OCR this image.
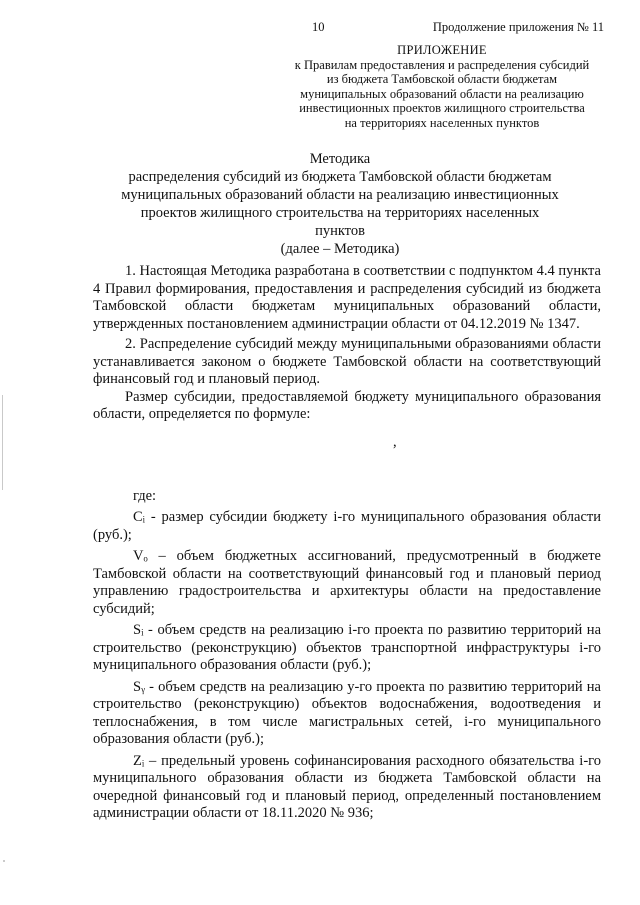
10	Продолжение приложения № 11
ПРИЛОЖЕНИЕ
к Правилам предоставления и распределения субсидий
из бюджета Тамбовской области бюджетам
муниципальных образований области на реализацию
инвестиционных проектов жилищного строительства
на территориях населенных пунктов
Методика
распределения субсидий из бюджета Тамбовской области бюджетам
муниципальных образований области на реализацию инвестиционных
проектов жилищного строительства на территориях населенных
пунктов
(далее – Методика)

1. Настоящая Методика разработана в соответствии с подпунктом 4.4 пункта 4 Правил формирования, предоставления и распределения субсидий из бюджета Тамбовской области бюджетам муниципальных образований области, утвержденных постановлением администрации области от 04.12.2019 № 1347.

2. Распределение субсидий между муниципальными образованиями области устанавливается законом о бюджете Тамбовской области на соответствующий финансовый год и плановый период.

Размер субсидии, предоставляемой бюджету муниципального образования области, определяется по формуле:

,

где:

Cᵢ - размер субсидии бюджету i-го муниципального образования области (руб.);

Vₒ – объем бюджетных ассигнований, предусмотренный в бюджете Тамбовской области на соответствующий финансовый год и плановый период управлению градостроительства и архитектуры области на предоставление субсидий;

Sᵢ - объем средств на реализацию i-го проекта по развитию территорий на строительство (реконструкцию) объектов транспортной инфраструктуры i-го муниципального образования области (руб.);

Sᵧ - объем средств на реализацию у-го проекта по развитию территорий на строительство (реконструкцию) объектов водоснабжения, водоотведения и теплоснабжения, в том числе магистральных сетей, i-го муниципального образования области (руб.);

Zᵢ – предельный уровень софинансирования расходного обязательства i-го муниципального образования области из бюджета Тамбовской области на очередной финансовый год и плановый период, определенный постановлением администрации области от 18.11.2020 № 936;
